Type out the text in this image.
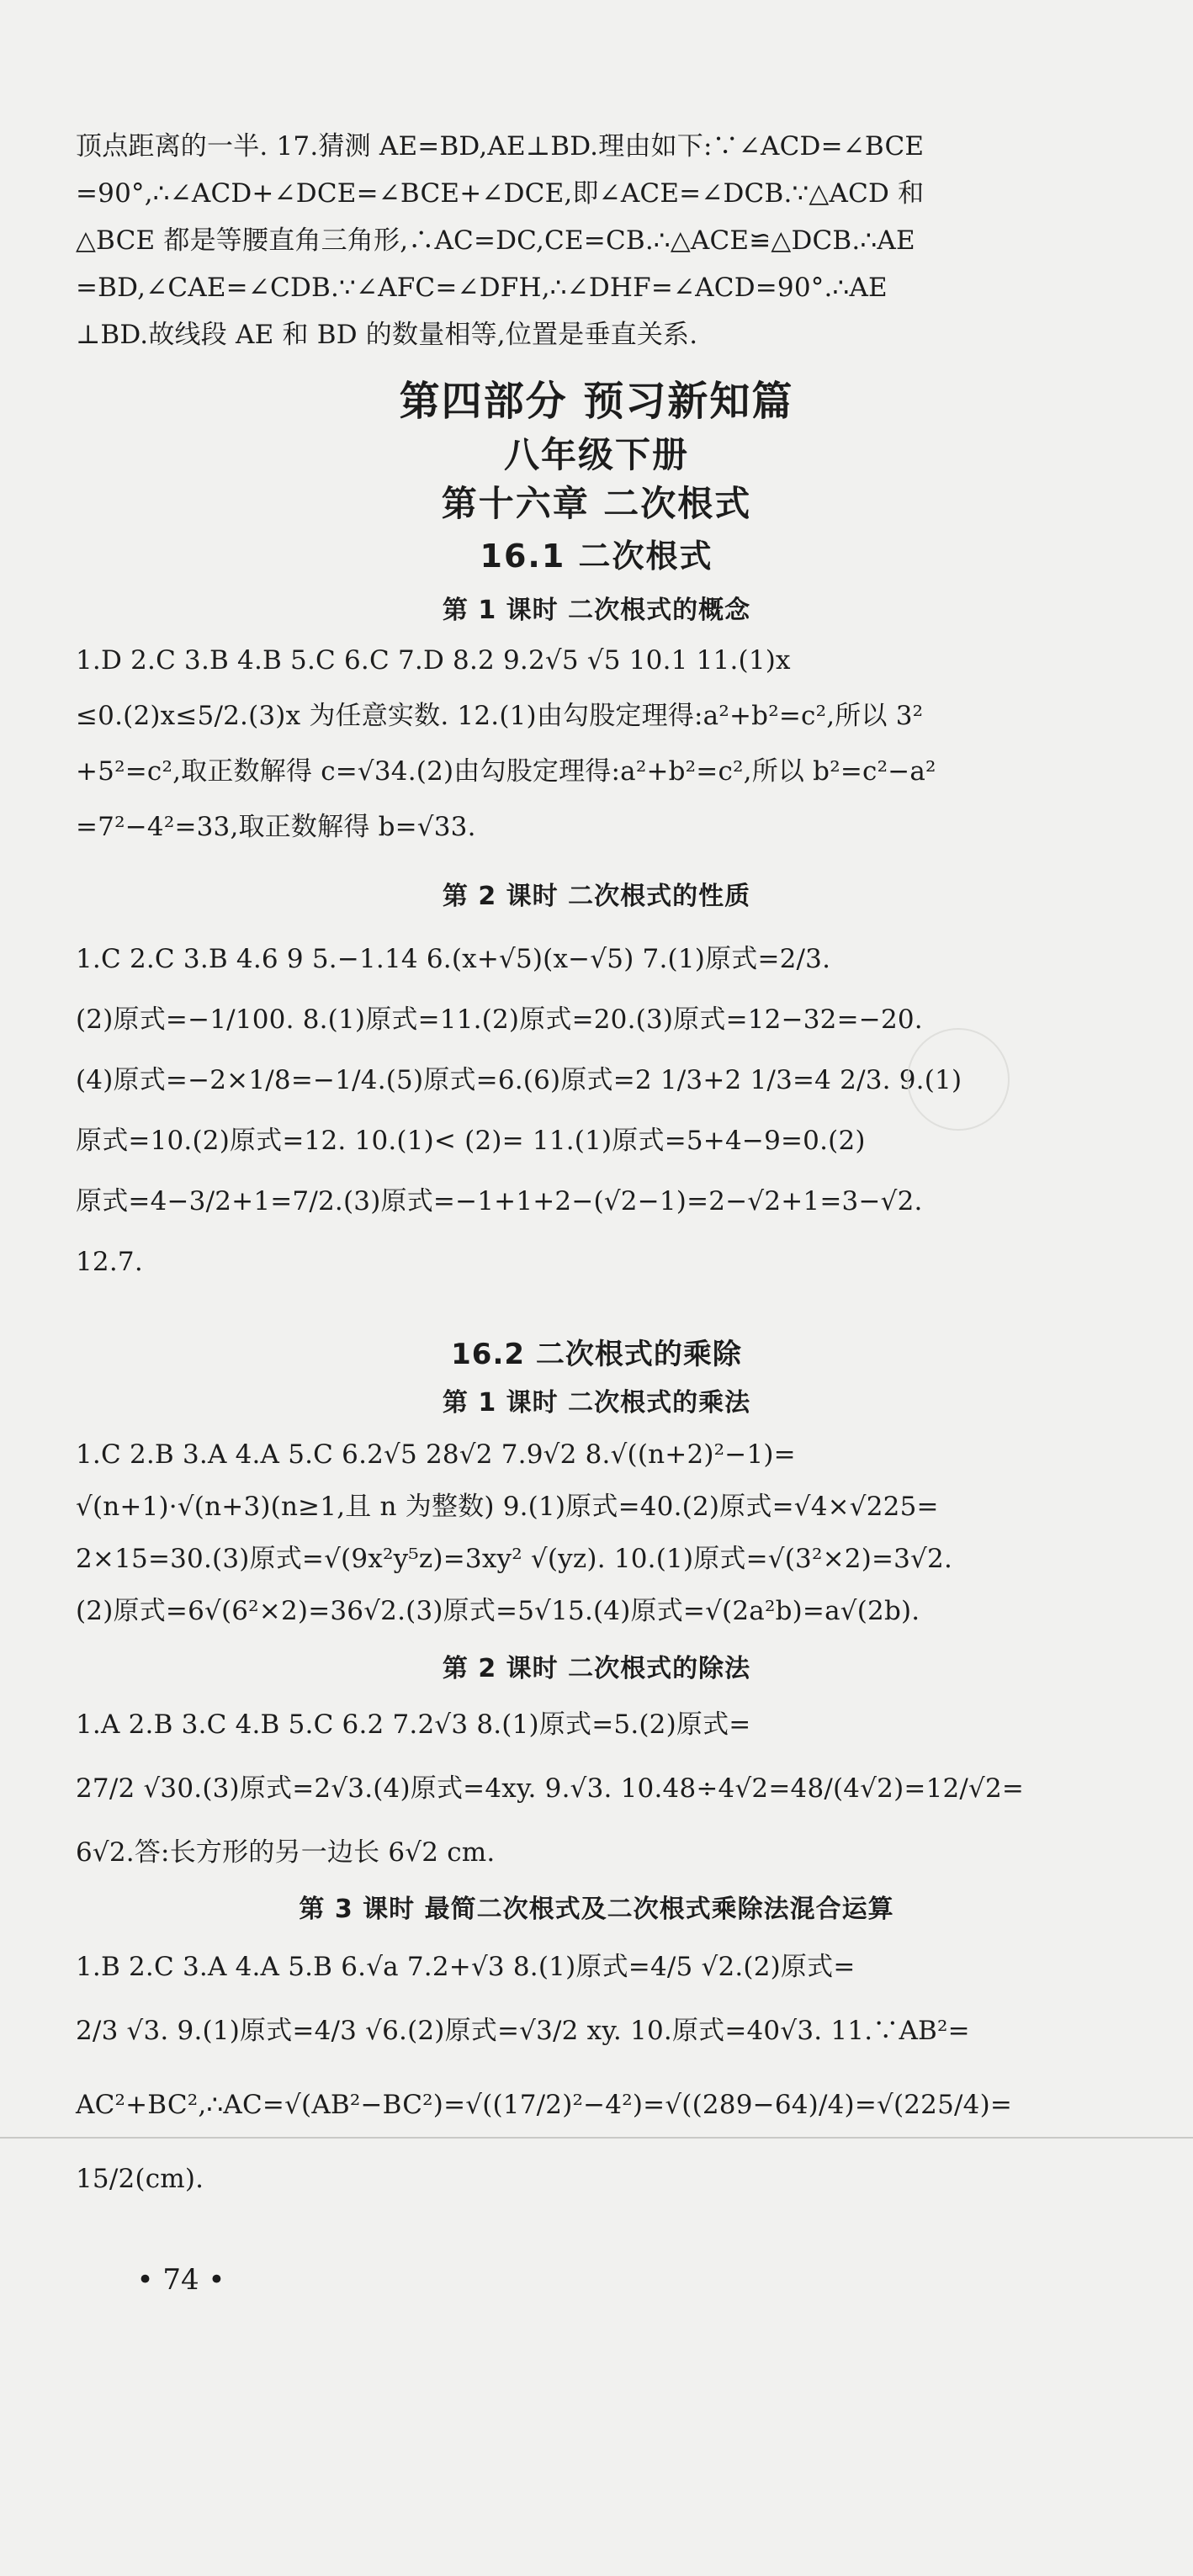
顶点距离的一半. 17.猜测 AE=BD,AE⊥BD.理由如下:∵∠ACD=∠BCE
=90°,∴∠ACD+∠DCE=∠BCE+∠DCE,即∠ACE=∠DCB.∵△ACD 和
△BCE 都是等腰直角三角形,∴AC=DC,CE=CB.∴△ACE≌△DCB.∴AE
=BD,∠CAE=∠CDB.∵∠AFC=∠DFH,∴∠DHF=∠ACD=90°.∴AE
⊥BD.故线段 AE 和 BD 的数量相等,位置是垂直关系.
第四部分 预习新知篇
八年级下册
第十六章 二次根式
16.1 二次根式
第 1 课时 二次根式的概念
1.D 2.C 3.B 4.B 5.C 6.C 7.D 8.2 9.2√5 √5 10.1 11.(1)x
≤0.(2)x≤5/2.(3)x 为任意实数. 12.(1)由勾股定理得:a²+b²=c²,所以 3²
+5²=c²,取正数解得 c=√34.(2)由勾股定理得:a²+b²=c²,所以 b²=c²−a²
=7²−4²=33,取正数解得 b=√33.
第 2 课时 二次根式的性质
1.C 2.C 3.B 4.6 9 5.−1.14 6.(x+√5)(x−√5) 7.(1)原式=2/3.
(2)原式=−1/100. 8.(1)原式=11.(2)原式=20.(3)原式=12−32=−20.
(4)原式=−2×1/8=−1/4.(5)原式=6.(6)原式=2 1/3+2 1/3=4 2/3. 9.(1)
原式=10.(2)原式=12. 10.(1)< (2)= 11.(1)原式=5+4−9=0.(2)
原式=4−3/2+1=7/2.(3)原式=−1+1+2−(√2−1)=2−√2+1=3−√2.
12.7.
16.2 二次根式的乘除
第 1 课时 二次根式的乘法
1.C 2.B 3.A 4.A 5.C 6.2√5 28√2 7.9√2 8.√((n+2)²−1)=
√(n+1)·√(n+3)(n≥1,且 n 为整数) 9.(1)原式=40.(2)原式=√4×√225=
2×15=30.(3)原式=√(9x²y⁵z)=3xy² √(yz). 10.(1)原式=√(3²×2)=3√2.
(2)原式=6√(6²×2)=36√2.(3)原式=5√15.(4)原式=√(2a²b)=a√(2b).
第 2 课时 二次根式的除法
1.A 2.B 3.C 4.B 5.C 6.2 7.2√3 8.(1)原式=5.(2)原式=
27/2 √30.(3)原式=2√3.(4)原式=4xy. 9.√3. 10.48÷4√2=48/(4√2)=12/√2=
6√2.答:长方形的另一边长 6√2 cm.
第 3 课时 最简二次根式及二次根式乘除法混合运算
1.B 2.C 3.A 4.A 5.B 6.√a 7.2+√3 8.(1)原式=4/5 √2.(2)原式=
2/3 √3. 9.(1)原式=4/3 √6.(2)原式=√3/2 xy. 10.原式=40√3. 11.∵AB²=
AC²+BC²,∴AC=√(AB²−BC²)=√((17/2)²−4²)=√((289−64)/4)=√(225/4)=
15/2(cm).
• 74 •
